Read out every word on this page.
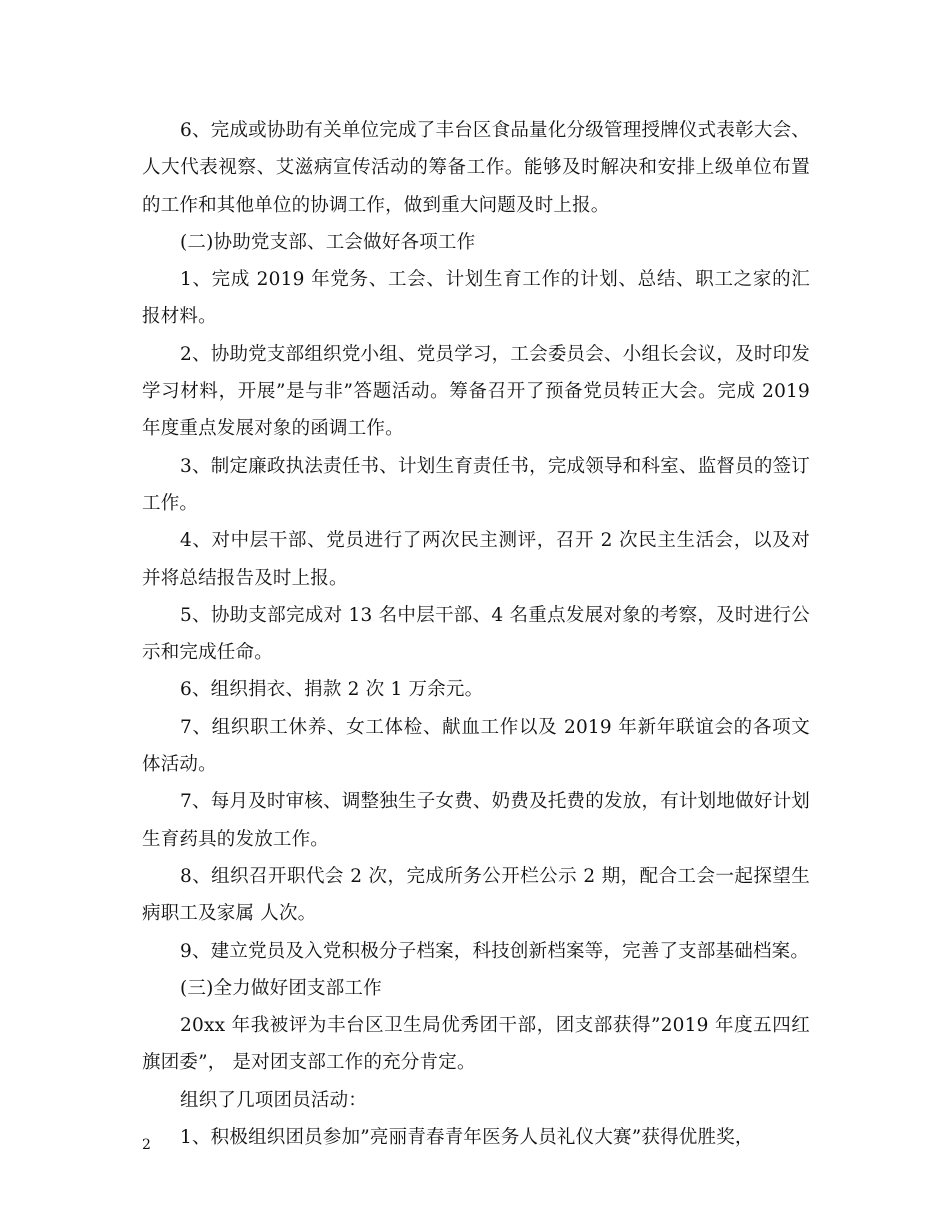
6、完成或协助有关单位完成了丰台区食品量化分级管理授牌仪式表彰大会、人大代表视察、艾滋病宣传活动的筹备工作。能够及时解决和安排上级单位布置的工作和其他单位的协调工作，做到重大问题及时上报。

(二)协助党支部、工会做好各项工作

1、完成 2019 年党务、工会、计划生育工作的计划、总结、职工之家的汇报材料。

2、协助党支部组织党小组、党员学习，工会委员会、小组长会议，及时印发学习材料，开展”是与非”答题活动。筹备召开了预备党员转正大会。完成 2019 年度重点发展对象的函调工作。

3、制定廉政执法责任书、计划生育责任书，完成领导和科室、监督员的签订工作。

4、对中层干部、党员进行了两次民主测评，召开 2 次民主生活会，以及对并将总结报告及时上报。

5、协助支部完成对 13 名中层干部、4 名重点发展对象的考察，及时进行公示和完成任命。

6、组织捐衣、捐款 2 次 1 万余元。

7、组织职工休养、女工体检、献血工作以及 2019 年新年联谊会的各项文体活动。

7、每月及时审核、调整独生子女费、奶费及托费的发放，有计划地做好计划生育药具的发放工作。

8、组织召开职代会 2 次，完成所务公开栏公示 2 期，配合工会一起探望生病职工及家属 人次。

9、建立党员及入党积极分子档案，科技创新档案等，完善了支部基础档案。

(三)全力做好团支部工作

20xx 年我被评为丰台区卫生局优秀团干部，团支部获得”2019 年度五四红旗团委”， 是对团支部工作的充分肯定。

组织了几项团员活动：

1、积极组织团员参加”亮丽青春青年医务人员礼仪大赛”获得优胜奖，

2
